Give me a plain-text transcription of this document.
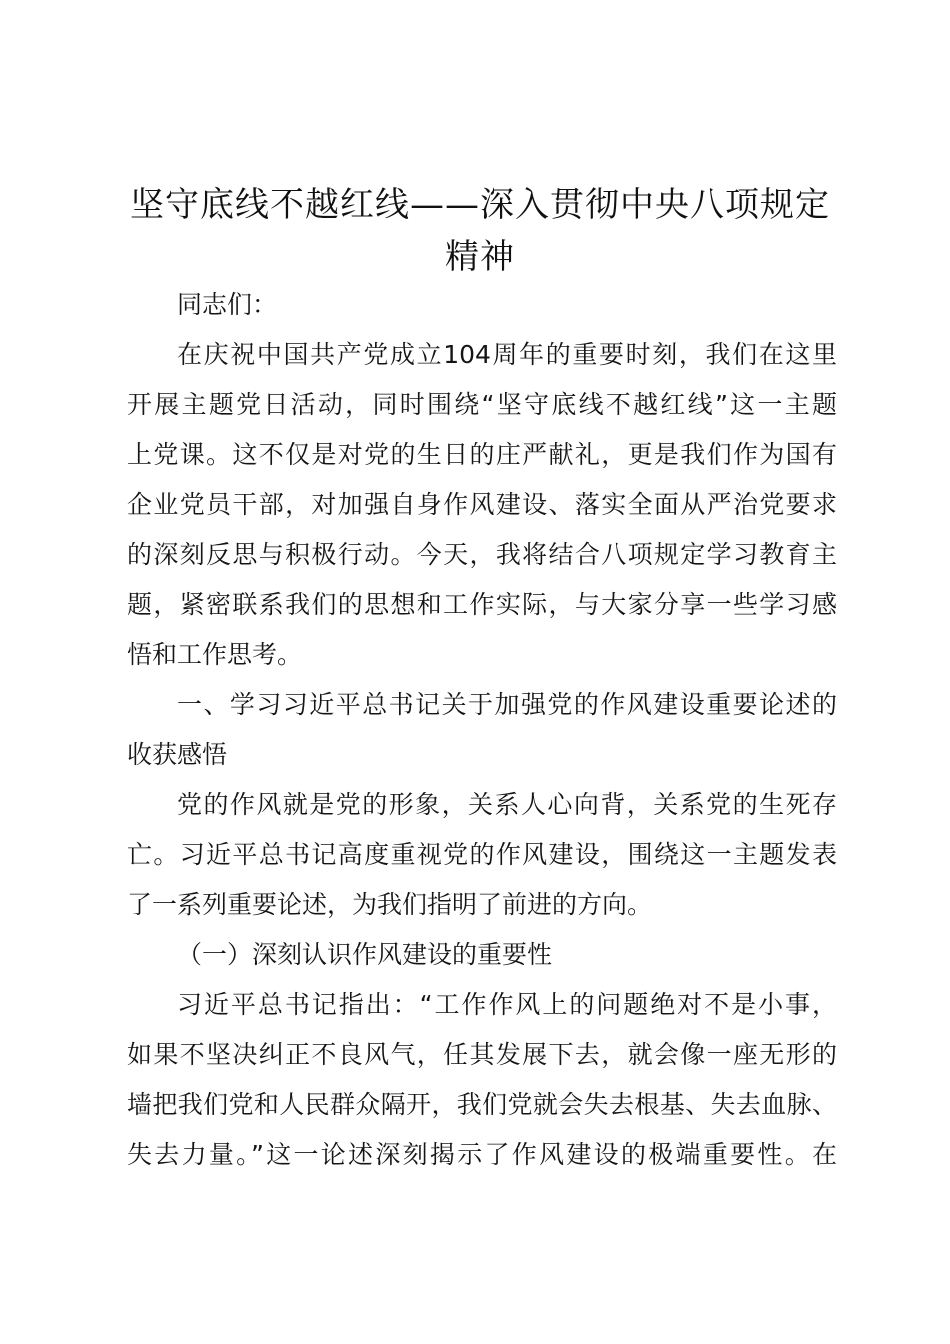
坚守底线不越红线——深入贯彻中央八项规定
精神
同志们：
在庆祝中国共产党成立104周年的重要时刻，我们在这里
开展主题党日活动，同时围绕“坚守底线不越红线”这一主题
上党课。这不仅是对党的生日的庄严献礼，更是我们作为国有
企业党员干部，对加强自身作风建设、落实全面从严治党要求
的深刻反思与积极行动。今天，我将结合八项规定学习教育主
题，紧密联系我们的思想和工作实际，与大家分享一些学习感
悟和工作思考。
一、学习习近平总书记关于加强党的作风建设重要论述的
收获感悟
党的作风就是党的形象，关系人心向背，关系党的生死存
亡。习近平总书记高度重视党的作风建设，围绕这一主题发表
了一系列重要论述，为我们指明了前进的方向。
（一）深刻认识作风建设的重要性
习近平总书记指出：“工作作风上的问题绝对不是小事，
如果不坚决纠正不良风气，任其发展下去，就会像一座无形的
墙把我们党和人民群众隔开，我们党就会失去根基、失去血脉、
失去力量。”这一论述深刻揭示了作风建设的极端重要性。在
